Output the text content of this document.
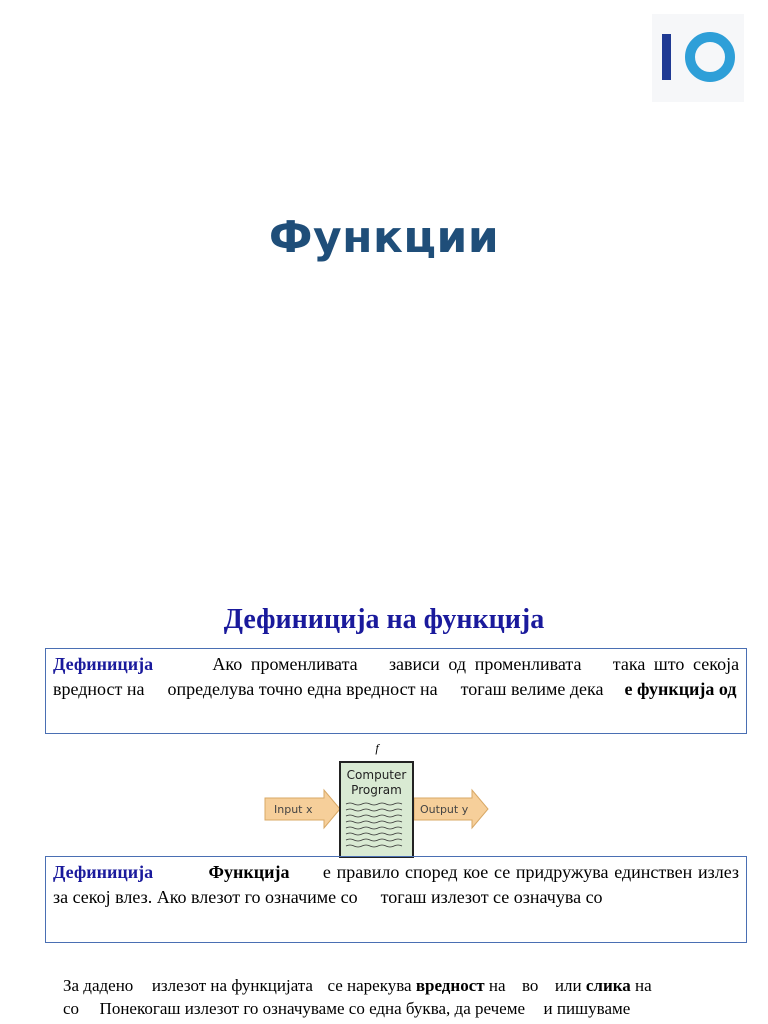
Функции
Дефиниција на функција
Дефиниција	Ако променливата зависи од променливата така што секоја вредност на определува точно една вредност на тогаш велиме дека е функција од
f
Input x	Output y
Computer
Program
Дефиниција	Функција е правило според кое се придружува единствен излез за секој влез. Ако влезот го означиме со тогаш излезот се означува со
За дадено излезот на функцијата се нарекува вредност на во или слика на
со Понекогаш излезот го означуваме со една буква, да речеме и пишуваме
